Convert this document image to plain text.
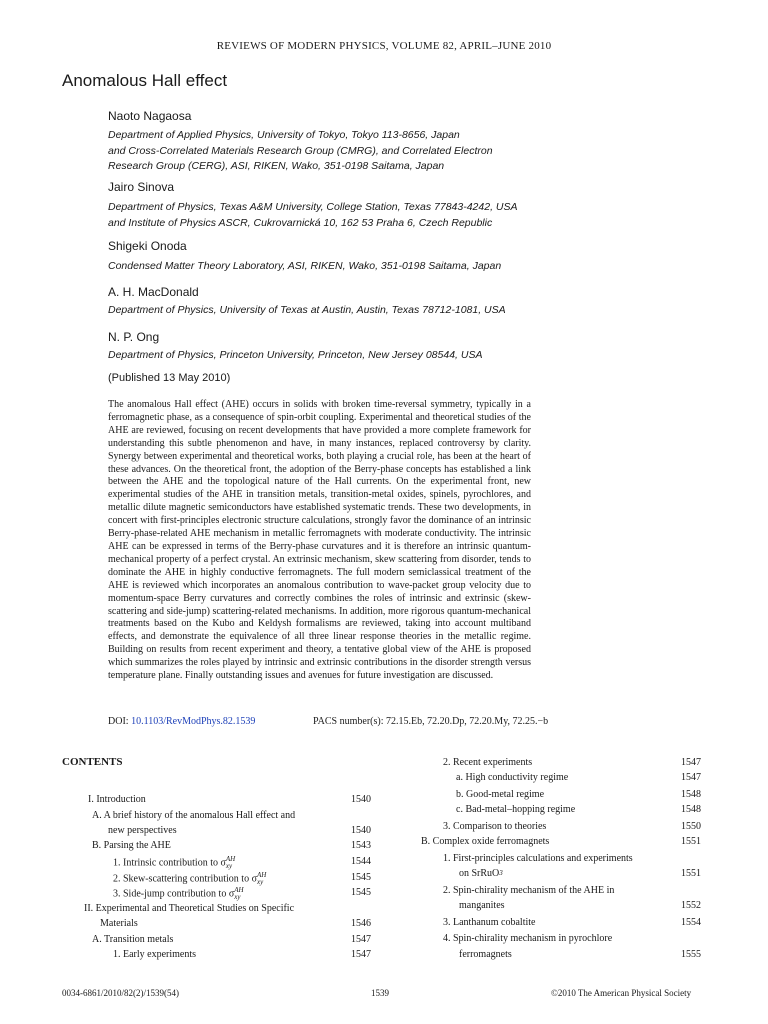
REVIEWS OF MODERN PHYSICS, VOLUME 82, APRIL–JUNE 2010
Anomalous Hall effect
Naoto Nagaosa
Department of Applied Physics, University of Tokyo, Tokyo 113-8656, Japan
and Cross-Correlated Materials Research Group (CMRG), and Correlated Electron
Research Group (CERG), ASI, RIKEN, Wako, 351-0198 Saitama, Japan
Jairo Sinova
Department of Physics, Texas A&M University, College Station, Texas 77843-4242, USA
and Institute of Physics ASCR, Cukrovarnická 10, 162 53 Praha 6, Czech Republic
Shigeki Onoda
Condensed Matter Theory Laboratory, ASI, RIKEN, Wako, 351-0198 Saitama, Japan
A. H. MacDonald
Department of Physics, University of Texas at Austin, Austin, Texas 78712-1081, USA
N. P. Ong
Department of Physics, Princeton University, Princeton, New Jersey 08544, USA
(Published 13 May 2010)
The anomalous Hall effect (AHE) occurs in solids with broken time-reversal symmetry, typically in a ferromagnetic phase, as a consequence of spin-orbit coupling. Experimental and theoretical studies of the AHE are reviewed, focusing on recent developments that have provided a more complete framework for understanding this subtle phenomenon and have, in many instances, replaced controversy by clarity. Synergy between experimental and theoretical works, both playing a crucial role, has been at the heart of these advances. On the theoretical front, the adoption of the Berry-phase concepts has established a link between the AHE and the topological nature of the Hall currents. On the experimental front, new experimental studies of the AHE in transition metals, transition-metal oxides, spinels, pyrochlores, and metallic dilute magnetic semiconductors have established systematic trends. These two developments, in concert with first-principles electronic structure calculations, strongly favor the dominance of an intrinsic Berry-phase-related AHE mechanism in metallic ferromagnets with moderate conductivity. The intrinsic AHE can be expressed in terms of the Berry-phase curvatures and it is therefore an intrinsic quantum-mechanical property of a perfect crystal. An extrinsic mechanism, skew scattering from disorder, tends to dominate the AHE in highly conductive ferromagnets. The full modern semiclassical treatment of the AHE is reviewed which incorporates an anomalous contribution to wave-packet group velocity due to momentum-space Berry curvatures and correctly combines the roles of intrinsic and extrinsic (skew-scattering and side-jump) scattering-related mechanisms. In addition, more rigorous quantum-mechanical treatments based on the Kubo and Keldysh formalisms are reviewed, taking into account multiband effects, and demonstrate the equivalence of all three linear response theories in the metallic regime. Building on results from recent experiment and theory, a tentative global view of the AHE is proposed which summarizes the roles played by intrinsic and extrinsic contributions in the disorder strength versus temperature plane. Finally outstanding issues and avenues for future investigation are discussed.
DOI: 10.1103/RevModPhys.82.1539	PACS number(s): 72.15.Eb, 72.20.Dp, 72.20.My, 72.25.−b
CONTENTS
I. Introduction	1540
A. A brief history of the anomalous Hall effect and
new perspectives	1540
B. Parsing the AHE	1543
1. Intrinsic contribution to σ AH
xy	1544
2. Skew-scattering contribution to σ AH
xy	1545
3. Side-jump contribution to σ AH
xy	1545
II. Experimental and Theoretical Studies on Specific
Materials	1546
A. Transition metals	1547
1. Early experiments	1547
2. Recent experiments	1547
a. High conductivity regime	1547
b. Good-metal regime	1548
c. Bad-metal–hopping regime	1548
3. Comparison to theories	1550
B. Complex oxide ferromagnets	1551
1. First-principles calculations and experiments
on SrRuO 3	1551
2. Spin-chirality mechanism of the AHE in
manganites	1552
3. Lanthanum cobaltite	1554
4. Spin-chirality mechanism in pyrochlore
ferromagnets	1555
0034-6861/2010/82(2)/1539(54)	1539	©2010 The American Physical Society
